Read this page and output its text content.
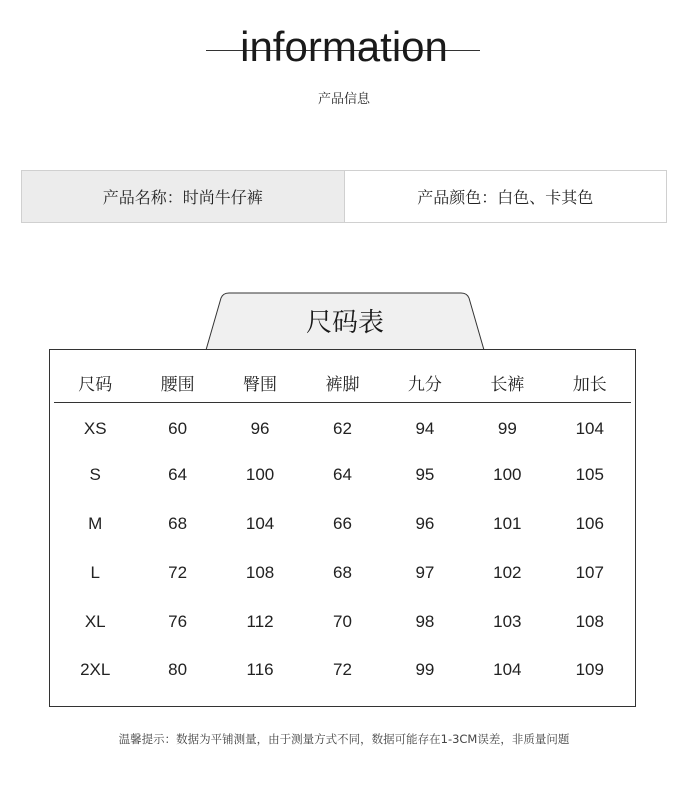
information
产品信息
产品名称：时尚牛仔裤	产品颜色：白色、卡其色
尺码表
尺码	腰围	臀围	裤脚	九分	长裤	加长
XS	60	96	62	94	99	104
S	64	100	64	95	100	105
M	68	104	66	96	101	106
L	72	108	68	97	102	107
XL	76	112	70	98	103	108
2XL	80	116	72	99	104	109
温馨提示：数据为平铺测量，由于测量方式不同，数据可能存在1-3CM误差，非质量问题
